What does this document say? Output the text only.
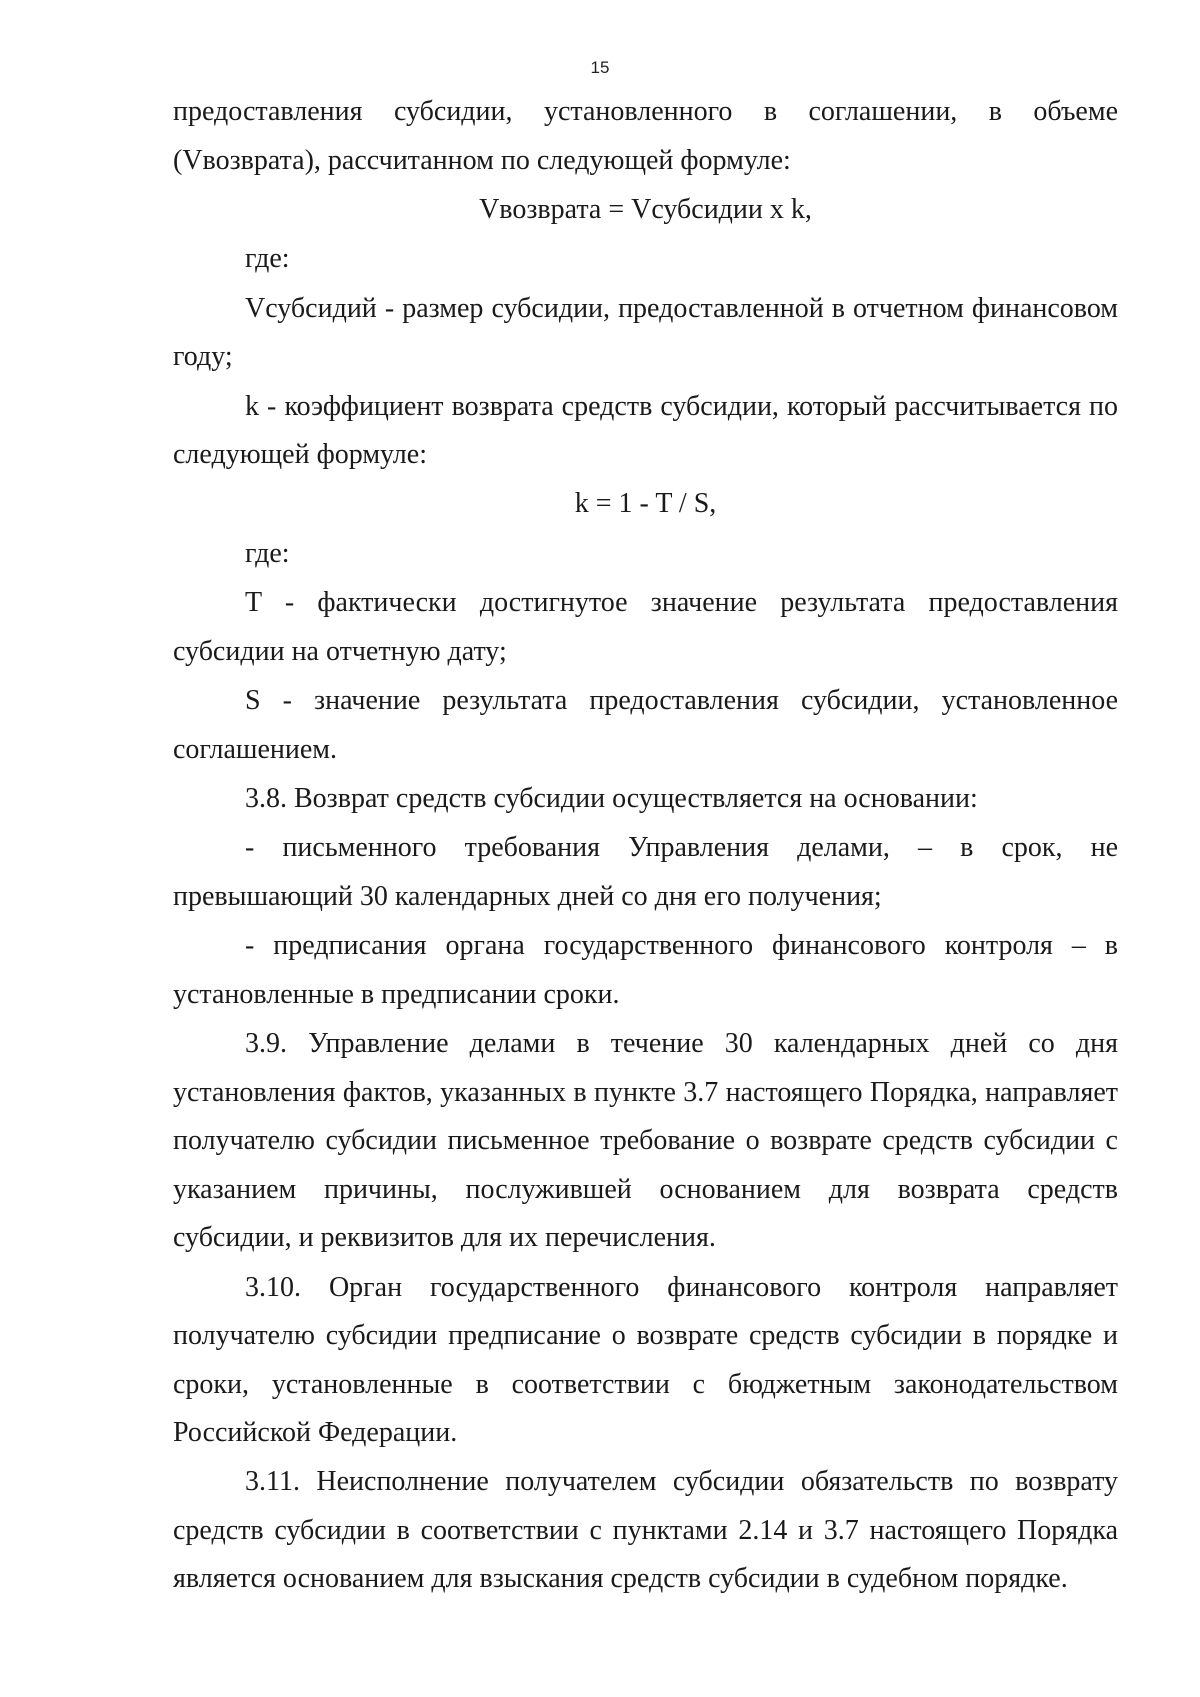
15

предоставления субсидии, установленного в соглашении, в объеме (Vвозврата), рассчитанном по следующей формуле:

Vвозврата = Vсубсидии x k,

где:

Vсубсидий - размер субсидии, предоставленной в отчетном финансовом году;

k - коэффициент возврата средств субсидии, который рассчитывается по следующей формуле:

k = 1 - T / S,

где:

T - фактически достигнутое значение результата предоставления субсидии на отчетную дату;

S - значение результата предоставления субсидии, установленное соглашением.

3.8. Возврат средств субсидии осуществляется на основании:

- письменного требования Управления делами, – в срок, не превышающий 30 календарных дней со дня его получения;

- предписания органа государственного финансового контроля – в установленные в предписании сроки.

3.9. Управление делами в течение 30 календарных дней со дня установления фактов, указанных в пункте 3.7 настоящего Порядка, направляет получателю субсидии письменное требование о возврате средств субсидии с указанием причины, послужившей основанием для возврата средств субсидии, и реквизитов для их перечисления.

3.10. Орган государственного финансового контроля направляет получателю субсидии предписание о возврате средств субсидии в порядке и сроки, установленные в соответствии с бюджетным законодательством Российской Федерации.

3.11. Неисполнение получателем субсидии обязательств по возврату средств субсидии в соответствии с пунктами 2.14 и 3.7 настоящего Порядка является основанием для взыскания средств субсидии в судебном порядке.
